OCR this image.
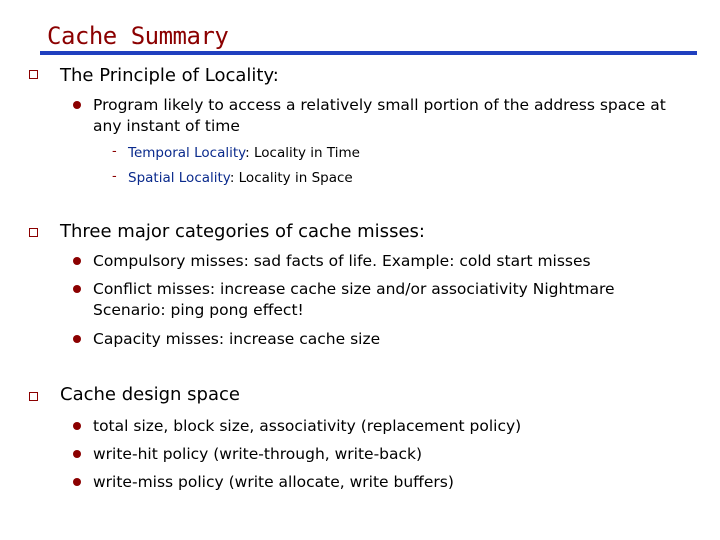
Cache Summary
The Principle of Locality:
Program likely to access a relatively small portion of the address space at any instant of time
- Temporal Locality: Locality in Time
- Spatial Locality: Locality in Space
Three major categories of cache misses:
Compulsory misses: sad facts of life. Example: cold start misses
Conflict misses: increase cache size and/or associativity Nightmare Scenario: ping pong effect!
Capacity misses: increase cache size
Cache design space
total size, block size, associativity (replacement policy)
write-hit policy (write-through, write-back)
write-miss policy (write allocate, write buffers)
